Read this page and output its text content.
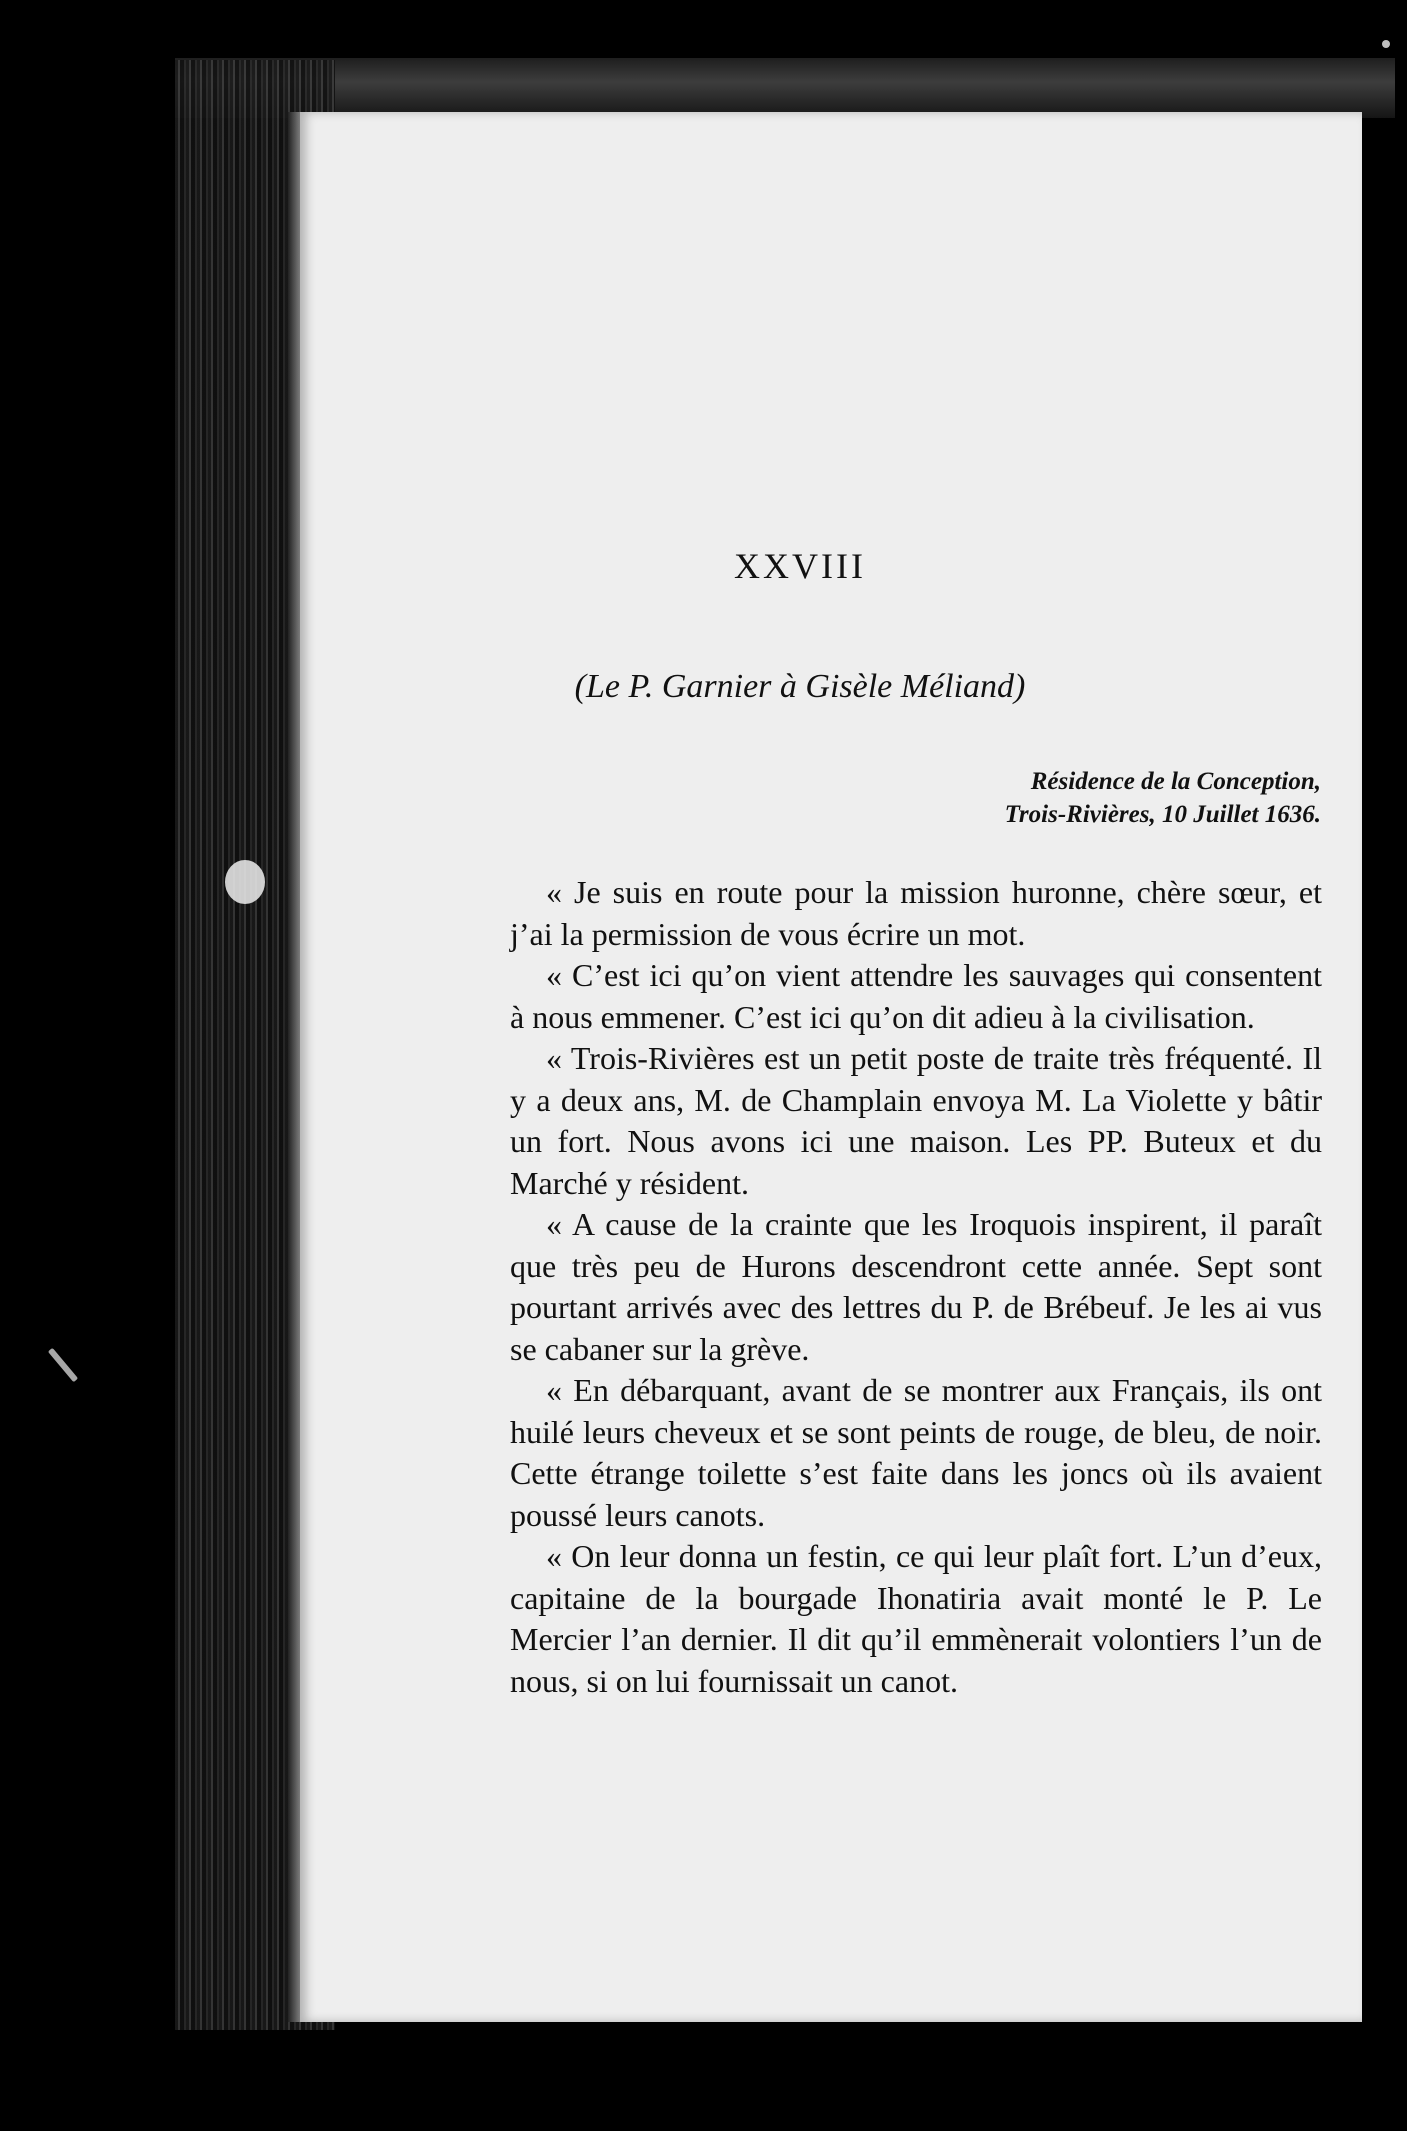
XXVIII
(Le P. Garnier à Gisèle Méliand)
Résidence de la Conception,
Trois-Rivières, 10 Juillet 1636.

« Je suis en route pour la mission huronne, chère sœur, et j’ai la permission de vous écrire un mot.

« C’est ici qu’on vient attendre les sauvages qui consentent à nous emmener. C’est ici qu’on dit adieu à la civilisation.

« Trois-Rivières est un petit poste de traite très fréquenté. Il y a deux ans, M. de Champlain envoya M. La Violette y bâtir un fort. Nous avons ici une maison. Les PP. Buteux et du Marché y résident.

« A cause de la crainte que les Iroquois inspirent, il paraît que très peu de Hurons descendront cette année. Sept sont pourtant arrivés avec des lettres du P. de Brébeuf. Je les ai vus se cabaner sur la grève.

« En débarquant, avant de se montrer aux Français, ils ont huilé leurs cheveux et se sont peints de rouge, de bleu, de noir. Cette étrange toilette s’est faite dans les joncs où ils avaient poussé leurs canots.

« On leur donna un festin, ce qui leur plaît fort. L’un d’eux, capitaine de la bourgade Ihonatiria avait monté le P. Le Mercier l’an dernier. Il dit qu’il emmènerait volontiers l’un de nous, si on lui fournissait un canot.
